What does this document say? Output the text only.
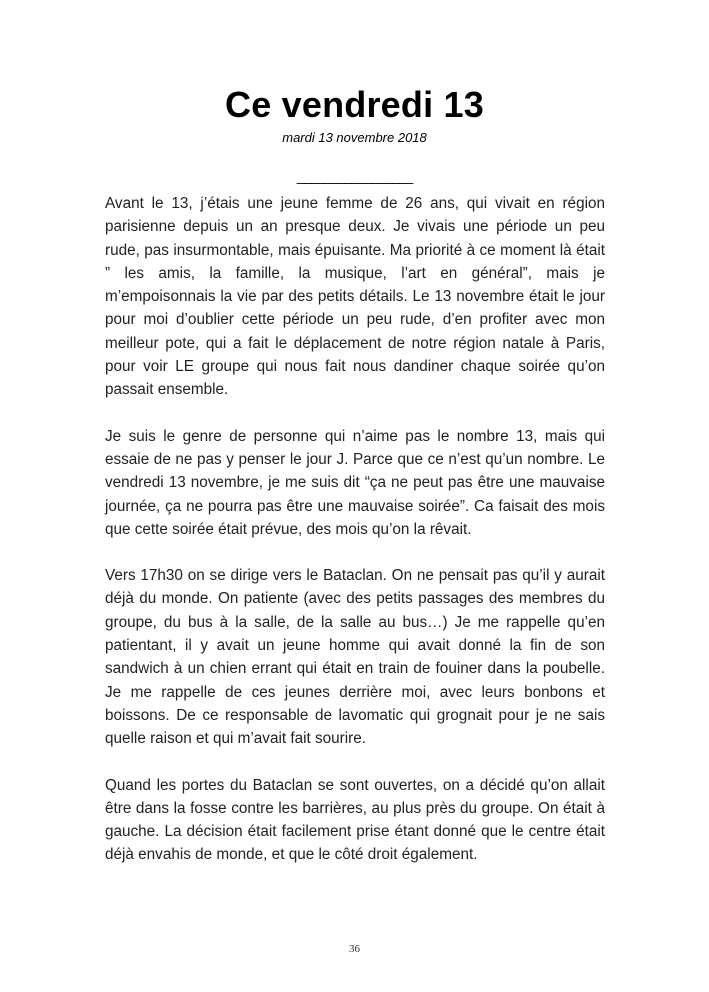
Ce vendredi 13
mardi 13 novembre 2018
_________________

Avant le 13, j’étais une jeune femme de 26 ans, qui vivait en région parisienne depuis un an presque deux. Je vivais une période un peu rude, pas insurmontable, mais épuisante. Ma priorité à ce moment là était ” les amis, la famille, la musique, l’art en général”, mais je m’empoisonnais la vie par des petits détails. Le 13 novembre était le jour pour moi d’oublier cette période un peu rude, d’en profiter avec mon meilleur pote, qui a fait le déplacement de notre région natale à Paris, pour voir LE groupe qui nous fait nous dandiner chaque soirée qu’on passait ensemble.

Je suis le genre de personne qui n’aime pas le nombre 13, mais qui essaie de ne pas y penser le jour J. Parce que ce n’est qu’un nombre. Le vendredi 13 novembre, je me suis dit “ça ne peut pas être une mauvaise journée, ça ne pourra pas être une mauvaise soirée”. Ca faisait des mois que cette soirée était prévue, des mois qu’on la rêvait.

Vers 17h30 on se dirige vers le Bataclan. On ne pensait pas qu’il y aurait déjà du monde. On patiente (avec des petits passages des membres du groupe, du bus à la salle, de la salle au bus…) Je me rappelle qu’en patientant, il y avait un jeune homme qui avait donné la fin de son sandwich à un chien errant qui était en train de fouiner dans la poubelle. Je me rappelle de ces jeunes derrière moi, avec leurs bonbons et boissons. De ce responsable de lavomatic qui grognait pour je ne sais quelle raison et qui m’avait fait sourire.

Quand les portes du Bataclan se sont ouvertes, on a décidé qu’on allait être dans la fosse contre les barrières, au plus près du groupe. On était à gauche. La décision était facilement prise étant donné que le centre était déjà envahis de monde, et que le côté droit également.

36
